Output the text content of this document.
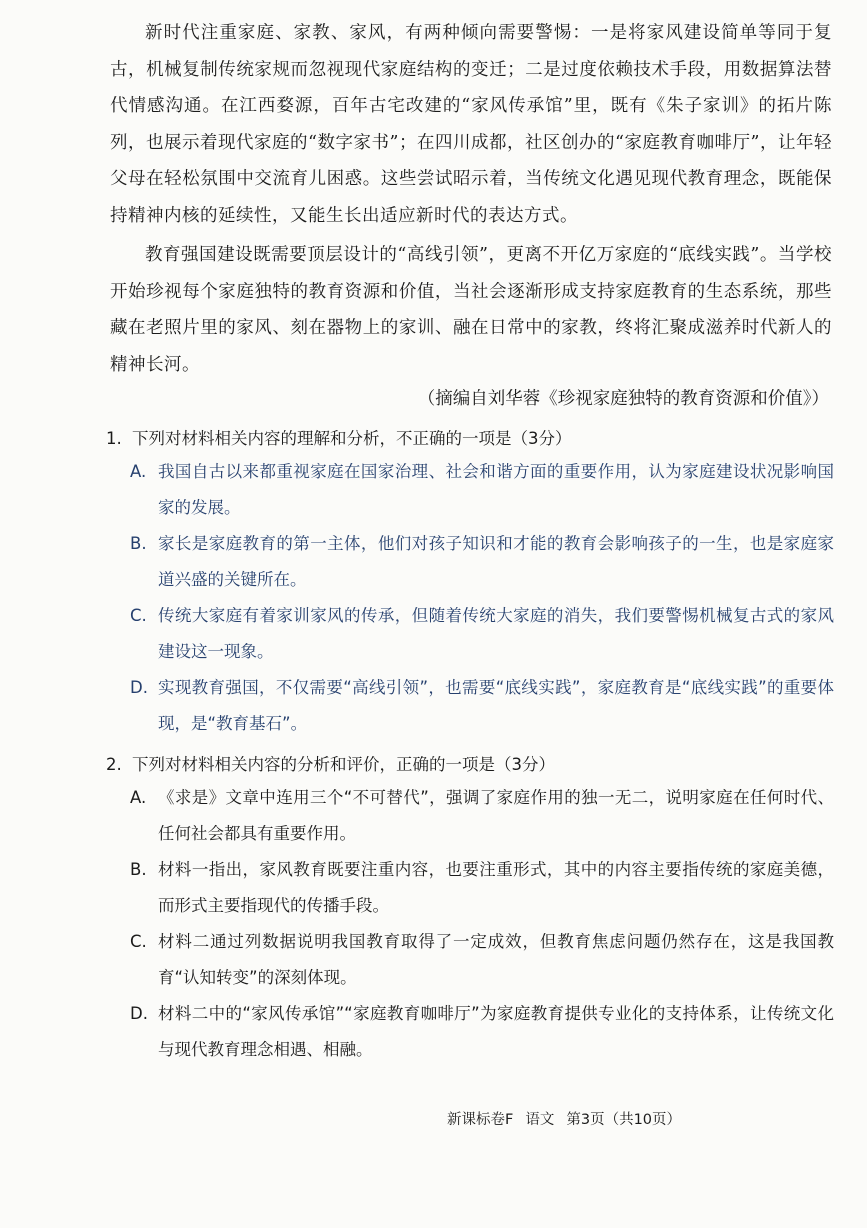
新时代注重家庭、家教、家风，有两种倾向需要警惕：一是将家风建设简单等同于复古，机械复制传统家规而忽视现代家庭结构的变迁；二是过度依赖技术手段，用数据算法替代情感沟通。在江西婺源，百年古宅改建的“家风传承馆”里，既有《朱子家训》的拓片陈列，也展示着现代家庭的“数字家书”；在四川成都，社区创办的“家庭教育咖啡厅”，让年轻父母在轻松氛围中交流育儿困惑。这些尝试昭示着，当传统文化遇见现代教育理念，既能保持精神内核的延续性，又能生长出适应新时代的表达方式。

教育强国建设既需要顶层设计的“高线引领”，更离不开亿万家庭的“底线实践”。当学校开始珍视每个家庭独特的教育资源和价值，当社会逐渐形成支持家庭教育的生态系统，那些藏在老照片里的家风、刻在器物上的家训、融在日常中的家教，终将汇聚成滋养时代新人的精神长河。

（摘编自刘华蓉《珍视家庭独特的教育资源和价值》）

1. 下列对材料相关内容的理解和分析，不正确的一项是（3分）

A. 我国自古以来都重视家庭在国家治理、社会和谐方面的重要作用，认为家庭建设状况影响国家的发展。
B. 家长是家庭教育的第一主体，他们对孩子知识和才能的教育会影响孩子的一生，也是家庭家道兴盛的关键所在。
C. 传统大家庭有着家训家风的传承，但随着传统大家庭的消失，我们要警惕机械复古式的家风建设这一现象。
D. 实现教育强国，不仅需要“高线引领”，也需要“底线实践”，家庭教育是“底线实践”的重要体现，是“教育基石”。

2. 下列对材料相关内容的分析和评价，正确的一项是（3分）

A. 《求是》文章中连用三个“不可替代”，强调了家庭作用的独一无二，说明家庭在任何时代、任何社会都具有重要作用。
B. 材料一指出，家风教育既要注重内容，也要注重形式，其中的内容主要指传统的家庭美德，而形式主要指现代的传播手段。
C. 材料二通过列数据说明我国教育取得了一定成效，但教育焦虑问题仍然存在，这是我国教育“认知转变”的深刻体现。
D. 材料二中的“家风传承馆”“家庭教育咖啡厅”为家庭教育提供专业化的支持体系，让传统文化与现代教育理念相遇、相融。

新课标卷F 语文 第3页（共10页）
